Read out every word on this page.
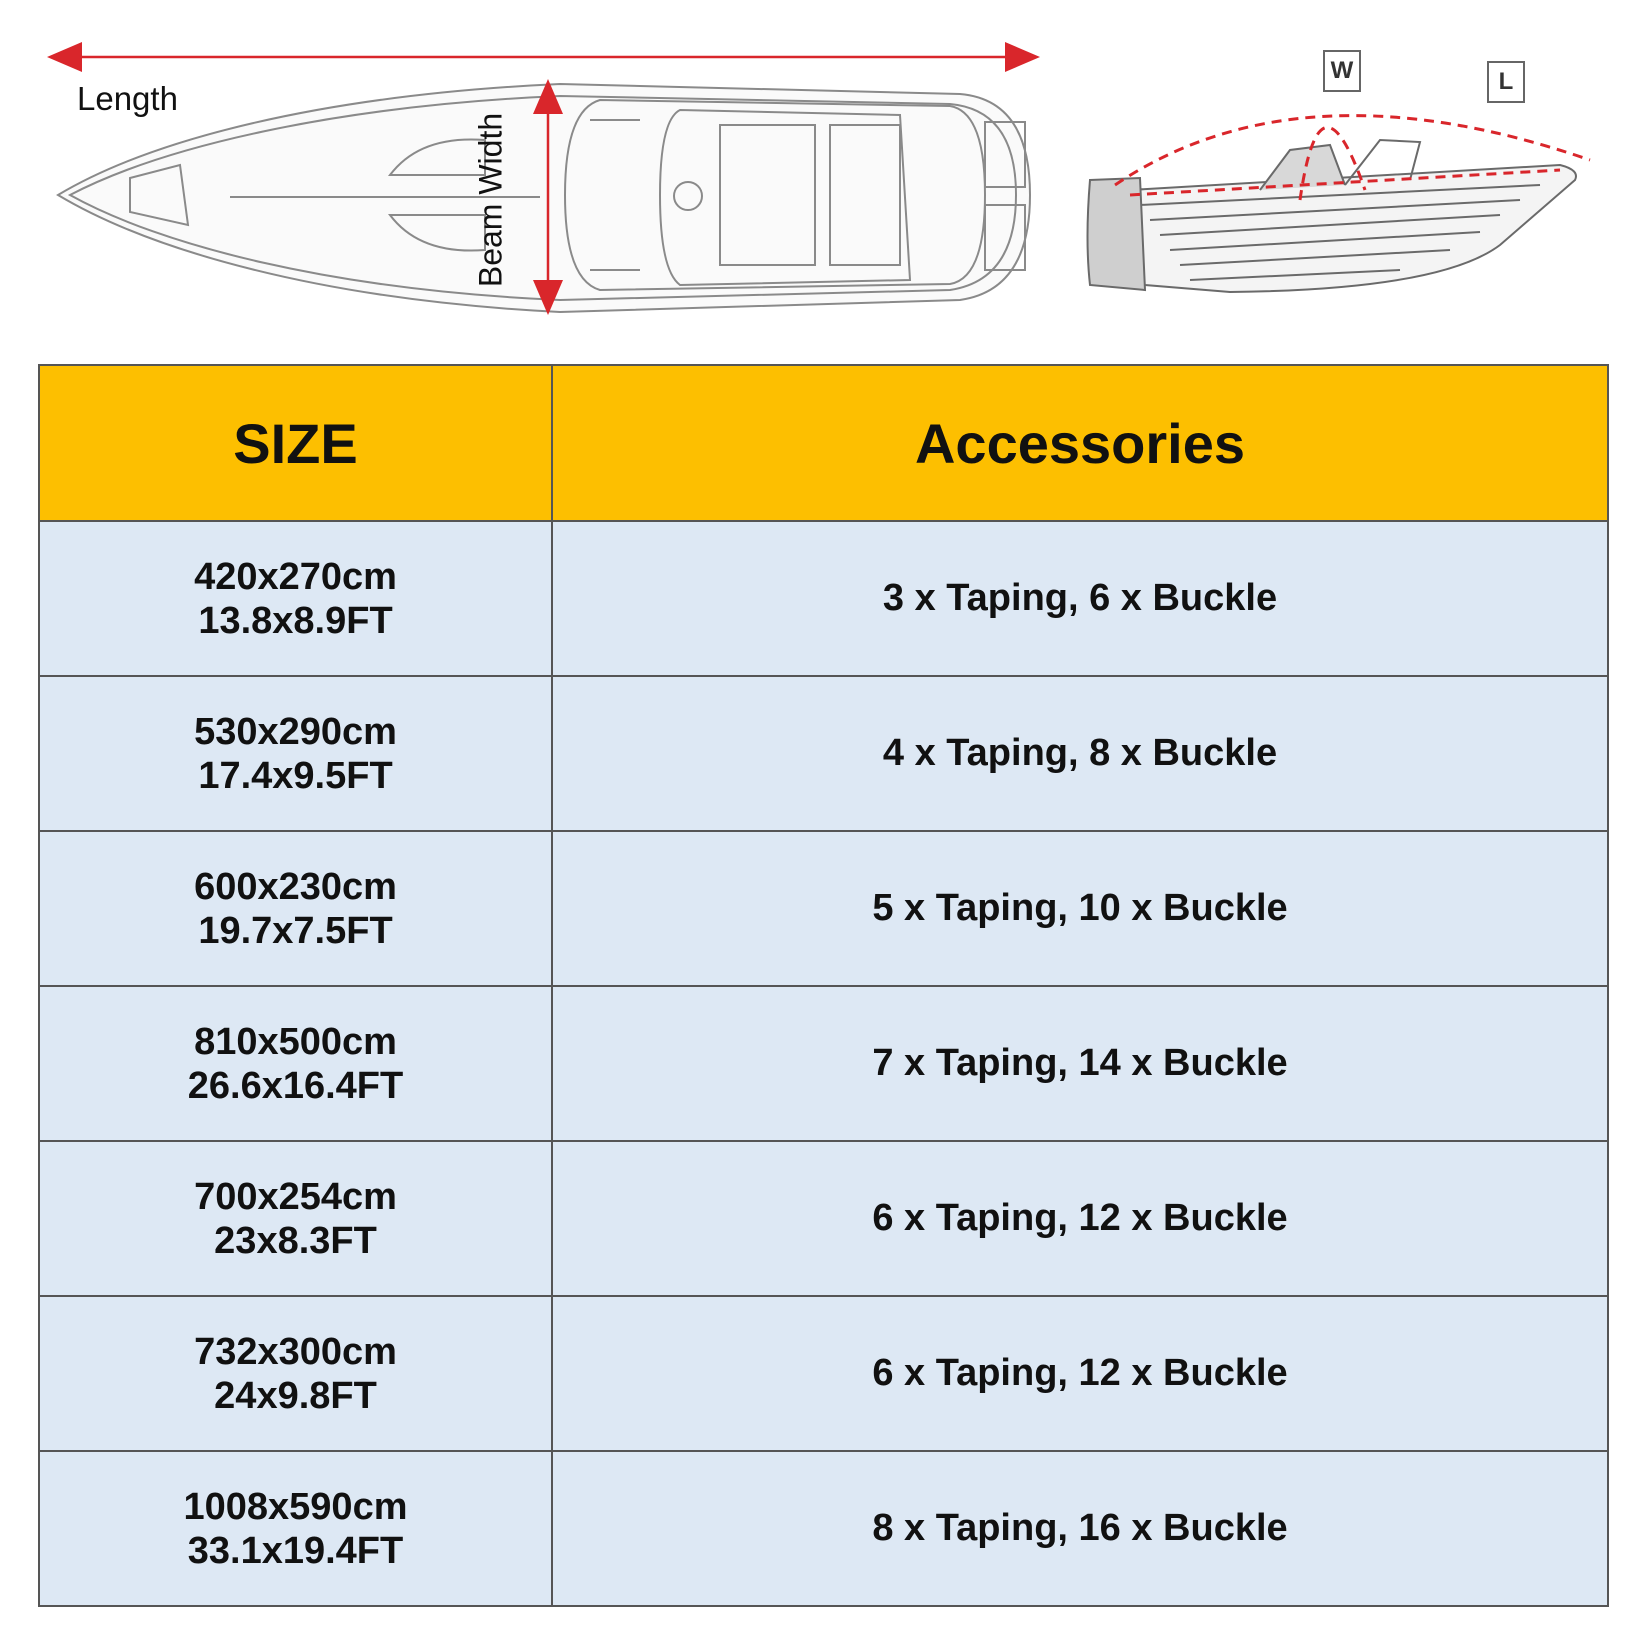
Length
Beam Width
W	L
SIZE	Accessories

420x270cm
13.8x8.9FT	3 x Taping, 6 x Buckle

530x290cm
17.4x9.5FT	4 x Taping, 8 x Buckle

600x230cm
19.7x7.5FT	5 x Taping, 10 x Buckle

810x500cm
26.6x16.4FT	7 x Taping, 14 x Buckle

700x254cm
23x8.3FT	6 x Taping, 12 x Buckle

732x300cm
24x9.8FT	6 x Taping, 12 x Buckle

1008x590cm
33.1x19.4FT	8 x Taping, 16 x Buckle
